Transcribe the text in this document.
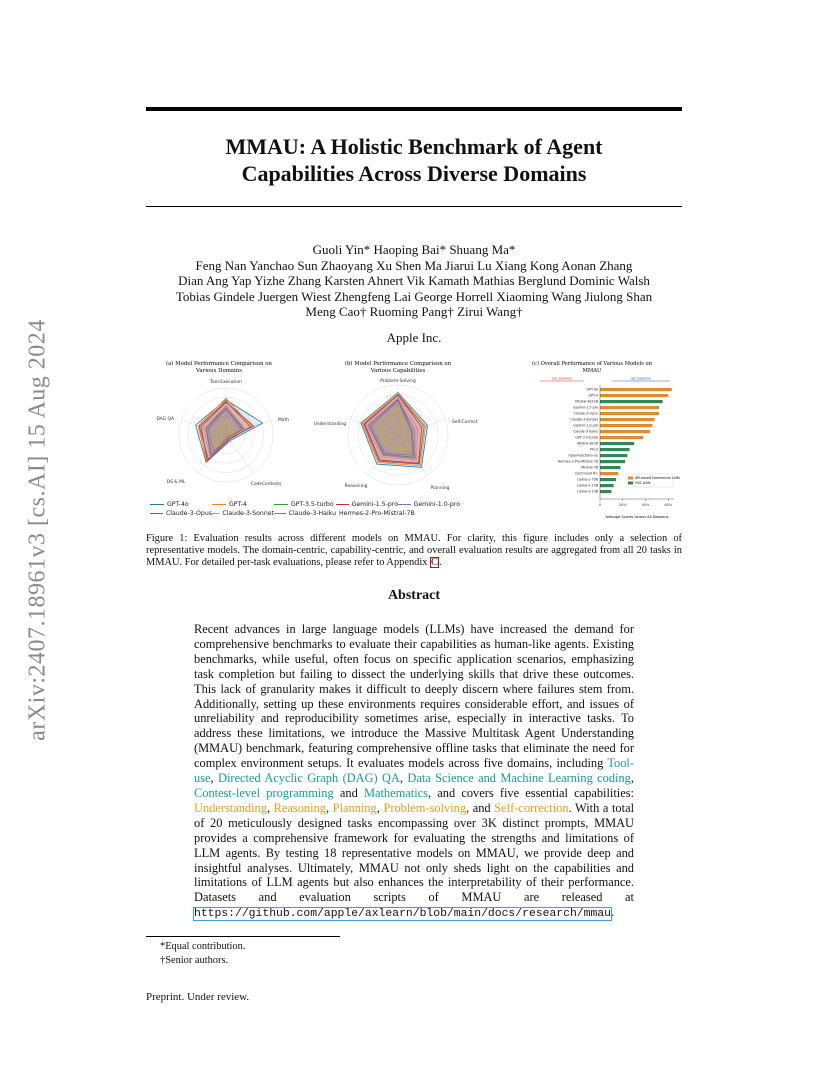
arXiv:2407.18961v3 [cs.AI] 15 Aug 2024
MMAU: A Holistic Benchmark of Agent
Capabilities Across Diverse Domains
Guoli Yin* Haoping Bai* Shuang Ma*
Feng Nan Yanchao Sun Zhaoyang Xu Shen Ma Jiarui Lu Xiang Kong Aonan Zhang
Dian Ang Yap Yizhe Zhang Karsten Ahnert Vik Kamath Mathias Berglund Dominic Walsh
Tobias Gindele Juergen Wiest Zhengfeng Lai George Horrell Xiaoming Wang Jiulong Shan
Meng Cao† Ruoming Pang† Zirui Wang†
Apple Inc.
(a) Model Performance Comparison on
Various Domains
Tool-Execution
Math
CodeContests
DS & ML
DAG QA
(b) Model Performance Comparison on
Various Capabilities
Problem-Solving
Self-Correct
Planning
Reasoning
Understanding
(c) Overall Performance of Various Models on
MMAU
oss_baseline	api_baseline
GPT-4o
GPT-4
Mistral-8x22B
Gemini-1.5-pro
Claude-3-Opus
Claude-3-Sonnet
Gemini-1.0-pro
Claude-3-haiku
GPT-3.5-turbo
Mixtral-8x7B
Phi-3
OpenFunctions-v2
Hermes-2-Pro-Mistral-7B
Mistral-7B
Command R+
Llama-2-70B
Llama-2-13B
Llama-2-13B
0	20%	40%	60%
Average Scores across All Domains
API-based Commercial LLMs
OSS LLMs
GPT-4o	GPT-4	GPT-3.5-turbo	Gemini-1.5-pro	Gemini-1.0-pro
Claude-3-Opus Claude-3-Sonnet Claude-3-Haiku Hermes-2-Pro-Mistral-7B
Figure 1: Evaluation results across different models on MMAU. For clarity, this figure includes only a selection of representative models. The domain-centric, capability-centric, and overall evaluation results are aggregated from all 20 tasks in MMAU. For detailed per-task evaluations, please refer to Appendix C.
Abstract
Recent advances in large language models (LLMs) have increased the demand for comprehensive benchmarks to evaluate their capabilities as human-like agents. Existing benchmarks, while useful, often focus on specific application scenarios, emphasizing task completion but failing to dissect the underlying skills that drive these outcomes. This lack of granularity makes it difficult to deeply discern where failures stem from. Additionally, setting up these environments requires considerable effort, and issues of unreliability and reproducibility sometimes arise, especially in interactive tasks. To address these limitations, we introduce the Massive Multitask Agent Understanding (MMAU) benchmark, featuring comprehensive offline tasks that eliminate the need for complex environment setups. It evaluates models across five domains, including Tool-use, Directed Acyclic Graph (DAG) QA, Data Science and Machine Learning coding, Contest-level programming and Mathematics, and covers five essential capabilities: Understanding, Reasoning, Planning, Problem-solving, and Self-correction. With a total of 20 meticulously designed tasks encompassing over 3K distinct prompts, MMAU provides a comprehensive framework for evaluating the strengths and limitations of LLM agents. By testing 18 representative models on MMAU, we provide deep and insightful analyses. Ultimately, MMAU not only sheds light on the capabilities and limitations of LLM agents but also enhances the interpretability of their performance. Datasets and evaluation scripts of MMAU are released at https://github.com/apple/axlearn/blob/main/docs/research/mmau.
*Equal contribution.
†Senior authors.
Preprint. Under review.
